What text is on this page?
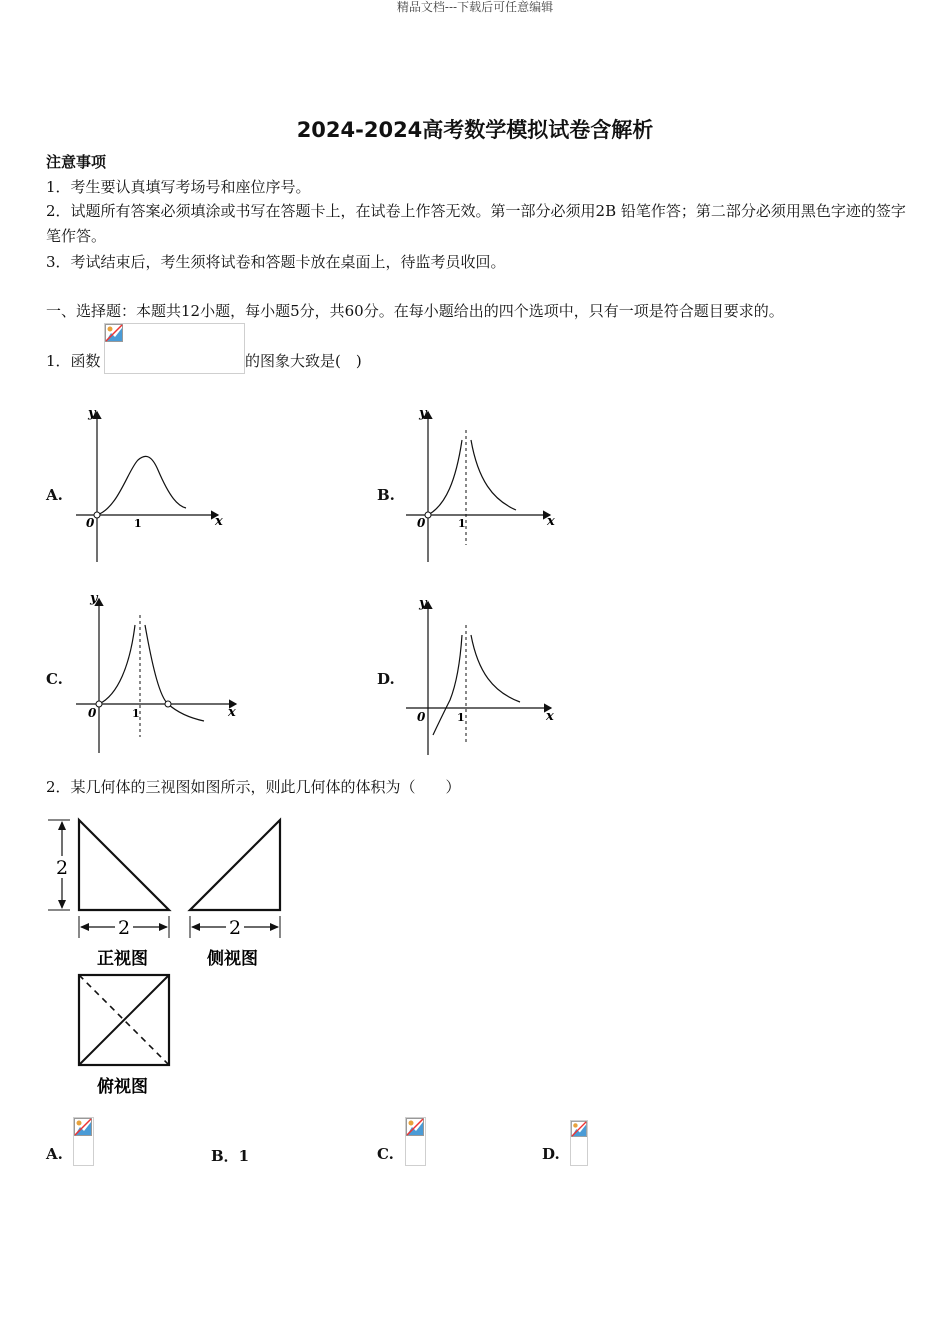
精品文档---下载后可任意编辑
2024-2024高考数学模拟试卷含解析
注意事项
1．考生要认真填写考场号和座位序号。
2．试题所有答案必须填涂或书写在答题卡上，在试卷上作答无效。第一部分必须用2B 铅笔作答；第二部分必须用黑色字迹的签字笔作答。
3．考试结束后，考生须将试卷和答题卡放在桌面上，待监考员收回。
一、选择题：本题共12小题，每小题5分，共60分。在每小题给出的四个选项中，只有一项是符合题目要求的。
1．函数	的图象大致是(　)
A.	B.
C.	D.
0	1	x
y
0	1	x
y
0	1	x
y
0	1	x
y
2．某几何体的三视图如图所示，则此几何体的体积为（　　）
2
2
正视图
2
侧视图
俯视图
A.	B．1	C.	D.
